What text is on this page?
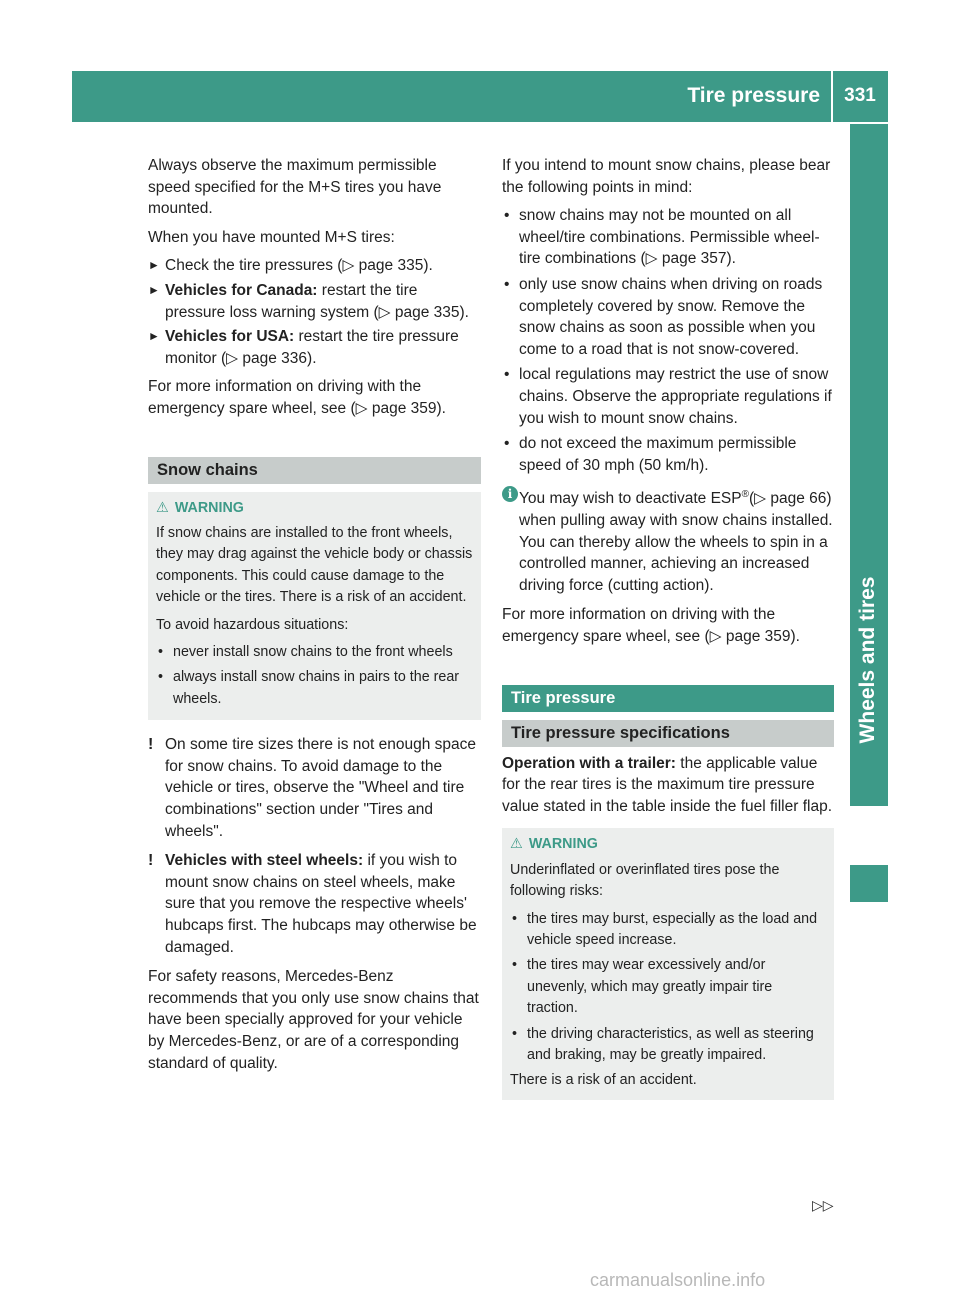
Tire pressure	331
Wheels and tires

Always observe the maximum permissible speed specified for the M+S tires you have mounted.

When you have mounted M+S tires:

► Check the tire pressures (▷ page 335).
► Vehicles for Canada: restart the tire pressure loss warning system (▷ page 335).
► Vehicles for USA: restart the tire pressure monitor (▷ page 336).

For more information on driving with the emergency spare wheel, see (▷ page 359).

Snow chains
⚠ WARNING

If snow chains are installed to the front wheels, they may drag against the vehicle body or chassis components. This could cause damage to the vehicle or the tires. There is a risk of an accident.

To avoid hazardous situations:

• never install snow chains to the front wheels
• always install snow chains in pairs to the rear wheels.
! On some tire sizes there is not enough space for snow chains. To avoid damage to the vehicle or tires, observe the "Wheel and tire combinations" section under "Tires and wheels".
! Vehicles with steel wheels: if you wish to mount snow chains on steel wheels, make sure that you remove the respective wheels' hubcaps first. The hubcaps may otherwise be damaged.

For safety reasons, Mercedes-Benz recommends that you only use snow chains that have been specially approved for your vehicle by Mercedes-Benz, or are of a corresponding standard of quality.

If you intend to mount snow chains, please bear the following points in mind:

• snow chains may not be mounted on all wheel/tire combinations. Permissible wheel-tire combinations (▷ page 357).
• only use snow chains when driving on roads completely covered by snow. Remove the snow chains as soon as possible when you come to a road that is not snow-covered.
• local regulations may restrict the use of snow chains. Observe the appropriate regulations if you wish to mount snow chains.
• do not exceed the maximum permissible speed of 30 mph (50 km/h).
i You may wish to deactivate ESP®(▷ page 66) when pulling away with snow chains installed. You can thereby allow the wheels to spin in a controlled manner, achieving an increased driving force (cutting action).

For more information on driving with the emergency spare wheel, see (▷ page 359).

Tire pressure
Tire pressure specifications

Operation with a trailer: the applicable value for the rear tires is the maximum tire pressure value stated in the table inside the fuel filler flap.

⚠ WARNING

Underinflated or overinflated tires pose the following risks:

• the tires may burst, especially as the load and vehicle speed increase.
• the tires may wear excessively and/or unevenly, which may greatly impair tire traction.
• the driving characteristics, as well as steering and braking, may be greatly impaired.

There is a risk of an accident.

▷▷
carmanualsonline.info
